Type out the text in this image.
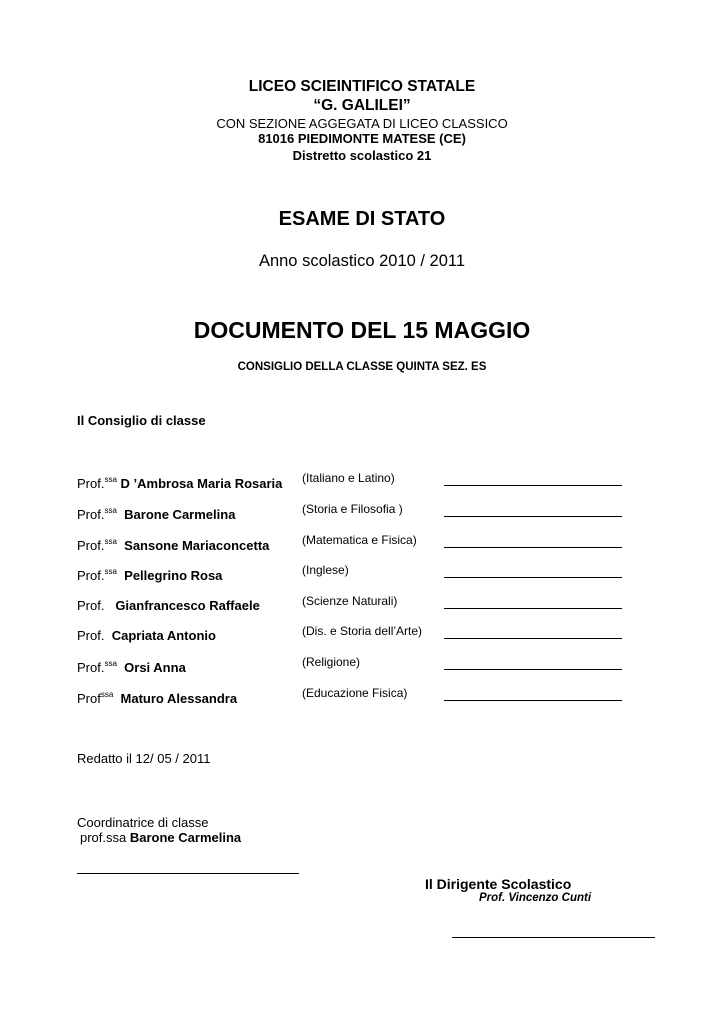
LICEO SCIEINTIFICO STATALE
“G. GALILEI”
CON SEZIONE AGGEGATA DI LICEO CLASSICO
81016 PIEDIMONTE MATESE (CE)
Distretto scolastico 21
ESAME DI STATO
Anno scolastico 2010 / 2011
DOCUMENTO DEL 15 MAGGIO
CONSIGLIO DELLA CLASSE QUINTA SEZ. ES
Il Consiglio di classe
Prof.$^{ssa}$ D ’Ambrosa Maria Rosaria (Italiano e Latino)
Prof.$^{ssa}$ Barone Carmelina	(Storia e Filosofia )
Prof.$^{ssa}$ Sansone Mariaconcetta	(Matematica e Fisica)
Prof.$^{ssa}$ Pellegrino Rosa	(Inglese)
Prof. Gianfrancesco Raffaele	(Scienze Naturali)
Prof. Capriata Antonio	(Dis. e Storia dell’Arte)
Prof.$^{ssa}$ Orsi Anna	(Religione)
Prof$^{ssa}$ Maturo Alessandra	(Educazione Fisica)
Redatto il 12/ 05 / 2011
Coordinatrice di classe
prof.ssa Barone Carmelina
Il Dirigente Scolastico
Prof. Vincenzo Cunti
